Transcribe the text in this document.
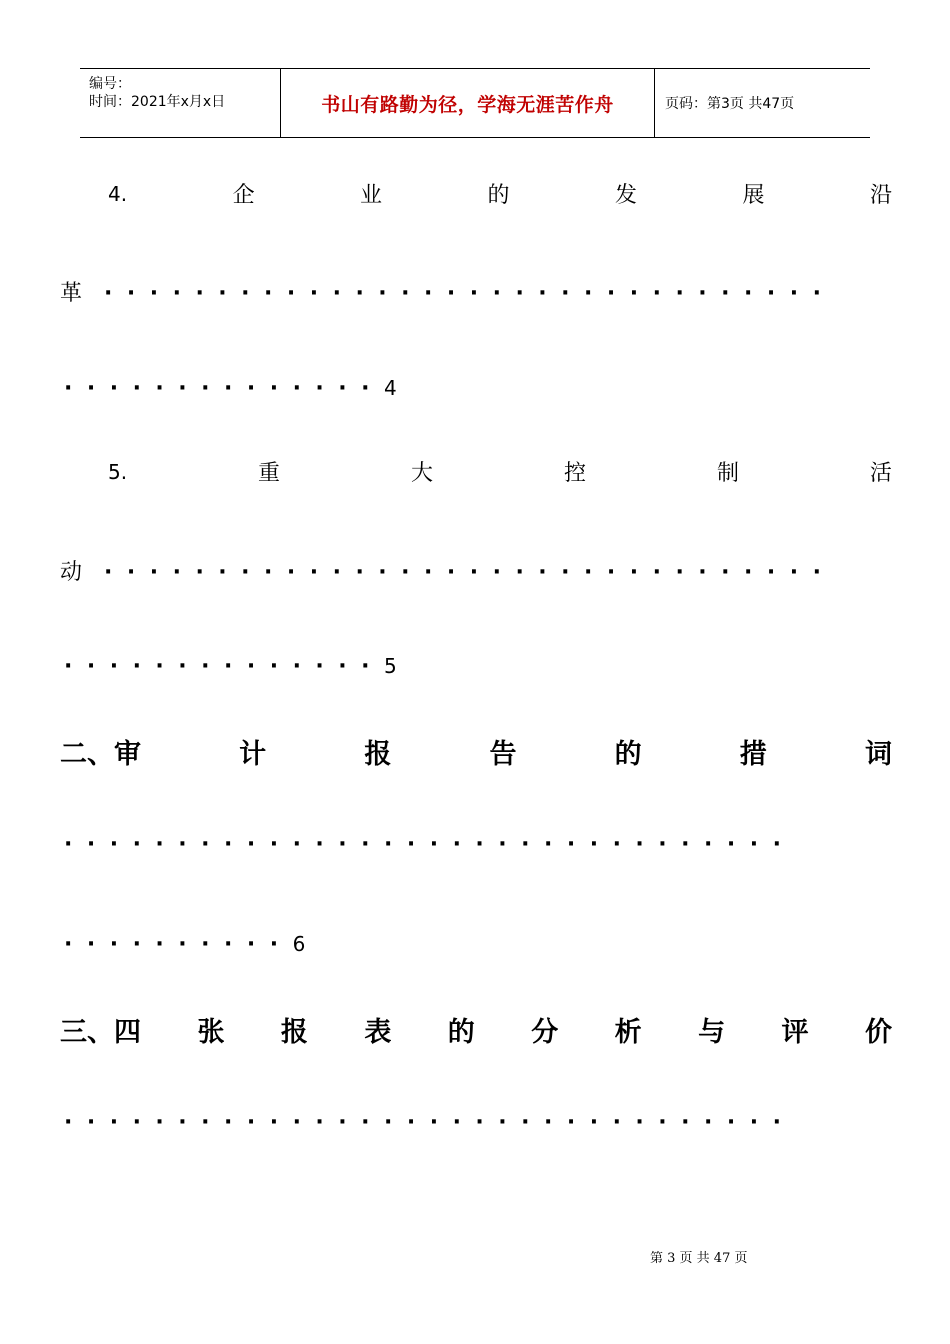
编号：
时间：2021年x月x日	书山有路勤为径，学海无涯苦作舟	页码：第3页 共47页
4.	企	业	的	发	展	沿
革 ································
··············4
5.	重	大	控	制	活
动 ································
··············5
二、审	计	报	告	的	措	词
································
··········6
三、四 张 报 表 的 分 析 与 评 价
································
第 3 页 共 47 页
